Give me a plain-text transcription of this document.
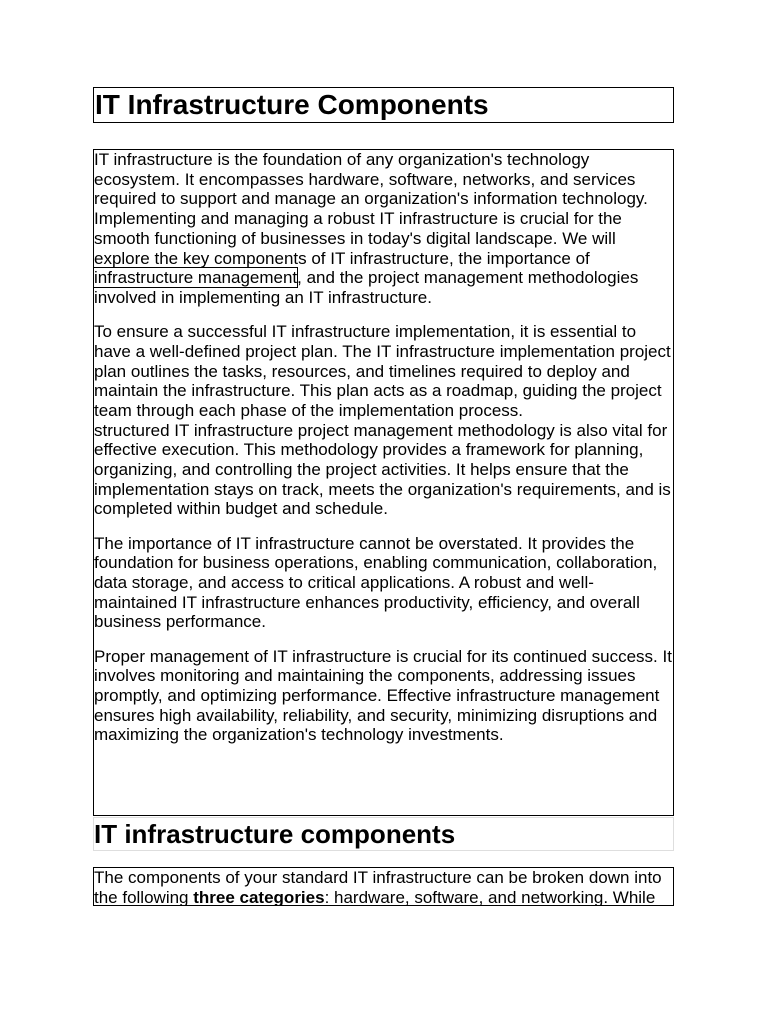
IT Infrastructure Components

IT infrastructure is the foundation of any organization's technology ecosystem. It encompasses hardware, software, networks, and services required to support and manage an organization's information technology. Implementing and managing a robust IT infrastructure is crucial for the smooth functioning of businesses in today's digital landscape. We will explore the key components of IT infrastructure, the importance of infrastructure management, and the project management methodologies involved in implementing an IT infrastructure.

To ensure a successful IT infrastructure implementation, it is essential to have a well-defined project plan. The IT infrastructure implementation project plan outlines the tasks, resources, and timelines required to deploy and maintain the infrastructure. This plan acts as a roadmap, guiding the project team through each phase of the implementation process.
structured IT infrastructure project management methodology is also vital for effective execution. This methodology provides a framework for planning, organizing, and controlling the project activities. It helps ensure that the implementation stays on track, meets the organization's requirements, and is completed within budget and schedule.

The importance of IT infrastructure cannot be overstated. It provides the foundation for business operations, enabling communication, collaboration, data storage, and access to critical applications. A robust and well-maintained IT infrastructure enhances productivity, efficiency, and overall business performance.

Proper management of IT infrastructure is crucial for its continued success. It involves monitoring and maintaining the components, addressing issues promptly, and optimizing performance. Effective infrastructure management ensures high availability, reliability, and security, minimizing disruptions and maximizing the organization's technology investments.

IT infrastructure components

The components of your standard IT infrastructure can be broken down into the following three categories: hardware, software, and networking. While
